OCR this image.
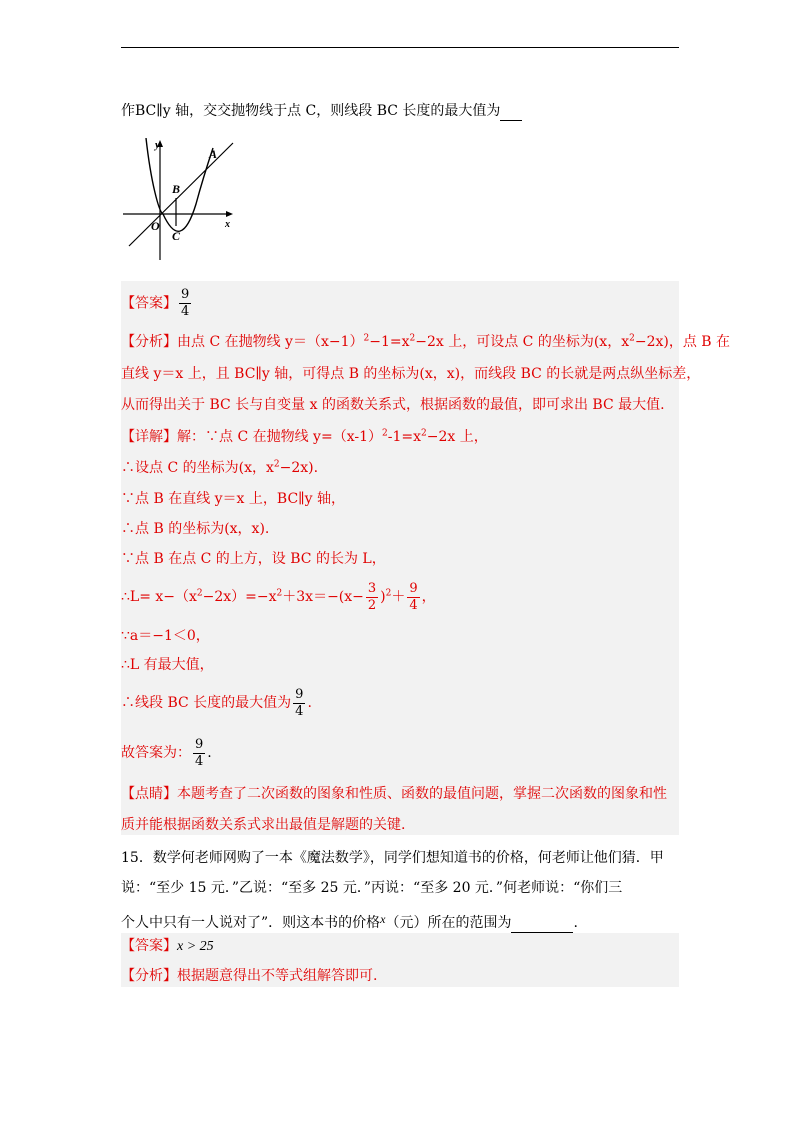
作BC∥y 轴，交交抛物线于点 C，则线段 BC 长度的最大值为
y
x
A
B
O
C
【答案】 $\frac{9}{4}$
【分析】由点 C 在抛物线 $y=(x-1)^2-1=x^2-2x$ 上，可设点 C 的坐标为(x，$x^2-2x$)，点 B 在
直线 y＝x 上，且 BC∥y 轴，可得点 B 的坐标为(x，x)，而线段 BC 的长就是两点纵坐标差，
从而得出关于 BC 长与自变量 x 的函数关系式，根据函数的最值，即可求出 BC 最大值.
【详解】解：∵点 C 在抛物线 $y=(x-1)^2-1=x^2-2x$ 上，
∴设点 C 的坐标为(x，$x^2-2x$).
∵点 B 在直线 y＝x 上，BC∥y 轴，
∴点 B 的坐标为(x，x).
∵点 B 在点 C 的上方，设 BC 的长为 L，
∴L= $x-(x^2-2x)=-x^2+3x=-(x- \frac{3}{2} )^2+ \frac{9}{4}$ ，
∵a＝−1＜0，
∴L 有最大值，
∴线段 BC 长度的最大值为 $\frac{9}{4}$ .
故答案为： $\frac{9}{4}$ .
【点睛】本题考查了二次函数的图象和性质、函数的最值问题，掌握二次函数的图象和性
质并能根据函数关系式求出最值是解题的关键.
15．数学何老师网购了一本《魔法数学》，同学们想知道书的价格，何老师让他们猜．甲
说：“至少 15 元．”乙说：“至多 25 元．”丙说：“至多 20 元．”何老师说：“你们三
个人中只有一人说对了”．则这本书的价格x（元）所在的范围为	.
【答案】x > 25
【分析】根据题意得出不等式组解答即可.
